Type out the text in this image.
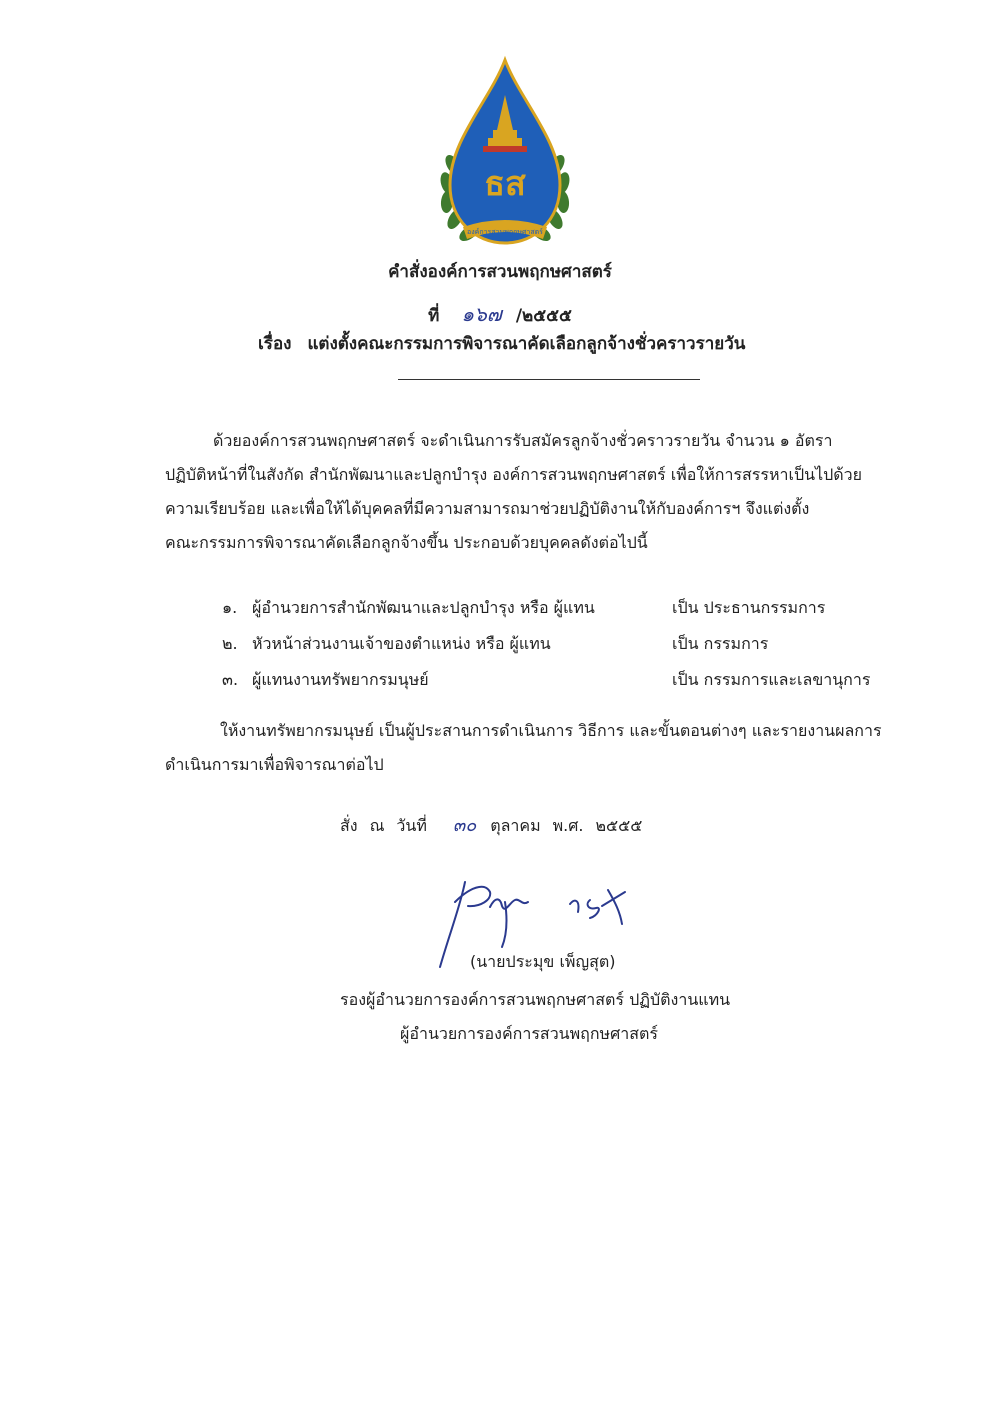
ธส
องค์การสวนพฤกษศาสตร์
คำสั่งองค์การสวนพฤกษศาสตร์
ที่ ๑๖๗ /๒๕๕๕
เรื่อง แต่งตั้งคณะกรรมการพิจารณาคัดเลือกลูกจ้างชั่วคราวรายวัน
ด้วยองค์การสวนพฤกษศาสตร์ จะดำเนินการรับสมัครลูกจ้างชั่วคราวรายวัน จำนวน ๑ อัตรา
ปฏิบัติหน้าที่ในสังกัด สำนักพัฒนาและปลูกบำรุง องค์การสวนพฤกษศาสตร์ เพื่อให้การสรรหาเป็นไปด้วย
ความเรียบร้อย และเพื่อให้ได้บุคคลที่มีความสามารถมาช่วยปฏิบัติงานให้กับองค์การฯ จึงแต่งตั้ง
คณะกรรมการพิจารณาคัดเลือกลูกจ้างขึ้น ประกอบด้วยบุคคลดังต่อไปนี้
๑. ผู้อำนวยการสำนักพัฒนาและปลูกบำรุง หรือ ผู้แทน	เป็น ประธานกรรมการ
๒. หัวหน้าส่วนงานเจ้าของตำแหน่ง หรือ ผู้แทน	เป็น กรรมการ
๓. ผู้แทนงานทรัพยากรมนุษย์	เป็น กรรมการและเลขานุการ
ให้งานทรัพยากรมนุษย์ เป็นผู้ประสานการดำเนินการ วิธีการ และขั้นตอนต่างๆ และรายงานผลการ
ดำเนินการมาเพื่อพิจารณาต่อไป
สั่ง ณ วันที่ ๓๐ ตุลาคม พ.ศ. ๒๕๕๕
(นายประมุข เพ็ญสุต)
รองผู้อำนวยการองค์การสวนพฤกษศาสตร์ ปฏิบัติงานแทน
ผู้อำนวยการองค์การสวนพฤกษศาสตร์
